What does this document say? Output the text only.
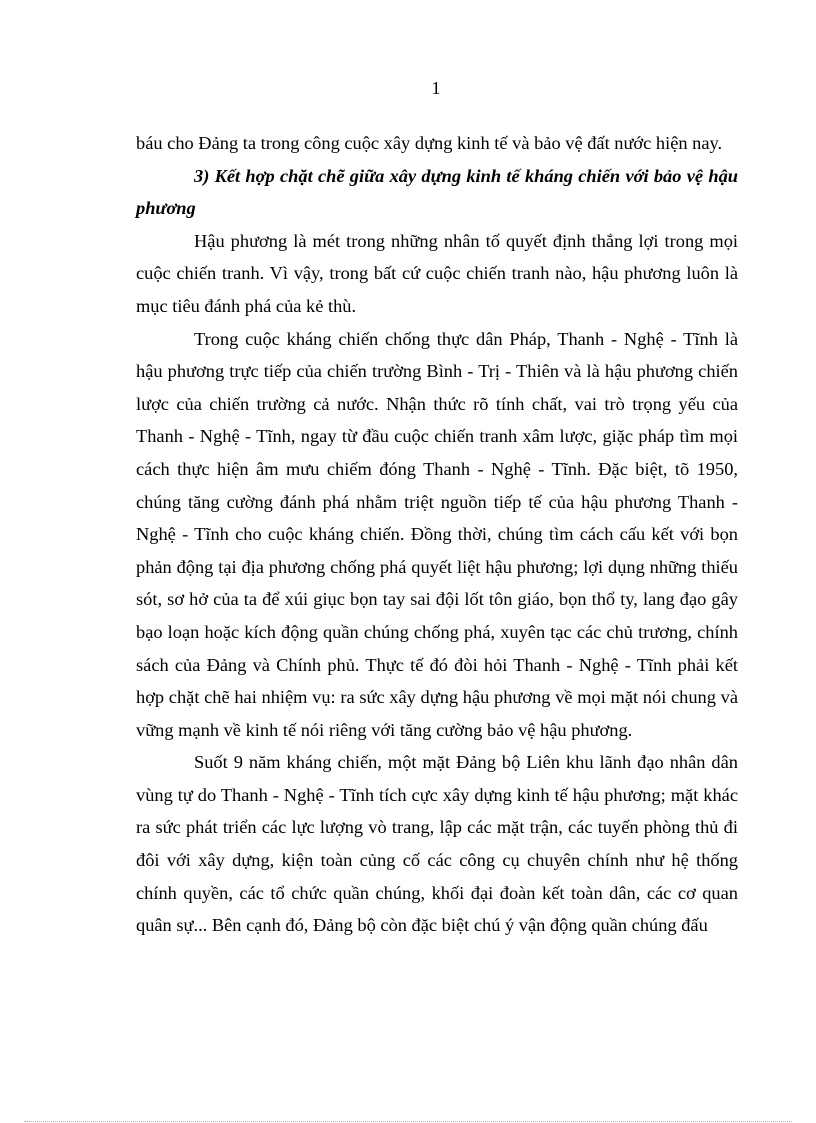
1

báu cho Đảng ta trong công cuộc xây dựng kinh tế và bảo vệ đất nước hiện nay.

3) Kết hợp chặt chẽ giữa xây dựng kinh tế kháng chiến với bảo vệ hậu phương

Hậu phương là mét trong những nhân tố quyết định thắng lợi trong mọi cuộc chiến tranh. Vì vậy, trong bất cứ cuộc chiến tranh nào, hậu phương luôn là mục tiêu đánh phá của kẻ thù.

Trong cuộc kháng chiến chống thực dân Pháp, Thanh - Nghệ - Tĩnh là hậu phương trực tiếp của chiến trường Bình - Trị - Thiên và là hậu phương chiến lược của chiến trường cả nước. Nhận thức rõ tính chất, vai trò trọng yếu của Thanh - Nghệ - Tĩnh, ngay từ đầu cuộc chiến tranh xâm lược, giặc pháp tìm mọi cách thực hiện âm mưu chiếm đóng Thanh - Nghệ - Tĩnh. Đặc biệt, tõ 1950, chúng tăng cường đánh phá nhằm triệt nguồn tiếp tế của hậu phương Thanh - Nghệ - Tĩnh cho cuộc kháng chiến. Đồng thời, chúng tìm cách cấu kết với bọn phản động tại địa phương chống phá quyết liệt hậu phương; lợi dụng những thiếu sót, sơ hở của ta để xúi giục bọn tay sai đội lốt tôn giáo, bọn thổ ty, lang đạo gây bạo loạn hoặc kích động quần chúng chống phá, xuyên tạc các chủ trương, chính sách của Đảng và Chính phủ. Thực tế đó đòi hỏi Thanh - Nghệ - Tĩnh phải kết hợp chặt chẽ hai nhiệm vụ: ra sức xây dựng hậu phương về mọi mặt nói chung và vững mạnh về kinh tế nói riêng với tăng cường bảo vệ hậu phương.

Suốt 9 năm kháng chiến, một mặt Đảng bộ Liên khu lãnh đạo nhân dân vùng tự do Thanh - Nghệ - Tĩnh tích cực xây dựng kinh tế hậu phương; mặt khác ra sức phát triển các lực lượng vò trang, lập các mặt trận, các tuyến phòng thủ đi đôi với xây dựng, kiện toàn củng cố các công cụ chuyên chính như hệ thống chính quyền, các tổ chức quần chúng, khối đại đoàn kết toàn dân, các cơ quan quân sự... Bên cạnh đó, Đảng bộ còn đặc biệt chú ý vận động quần chúng đấu
